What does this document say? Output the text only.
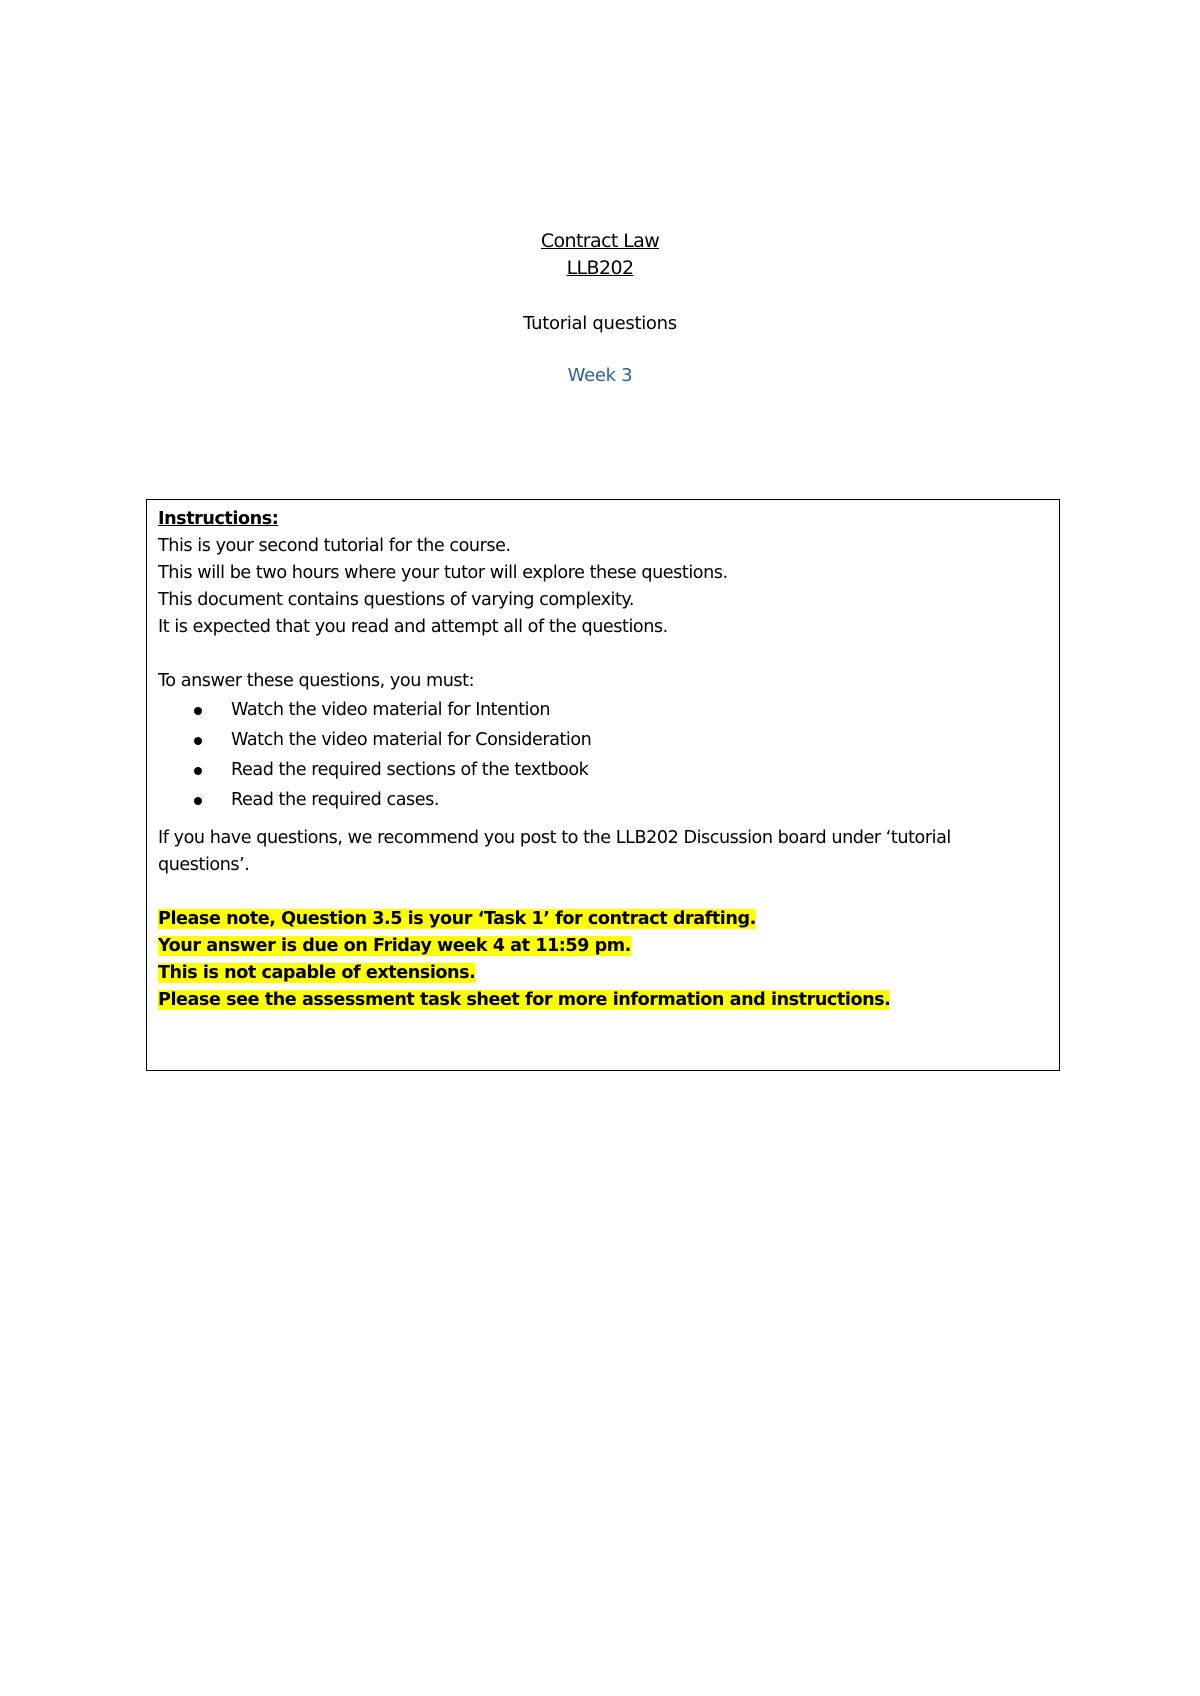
Contract Law
LLB202
Tutorial questions
Week 3
Instructions:
This is your second tutorial for the course.
This will be two hours where your tutor will explore these questions.
This document contains questions of varying complexity.
It is expected that you read and attempt all of the questions.
To answer these questions, you must:
Watch the video material for Intention
Watch the video material for Consideration
Read the required sections of the textbook
Read the required cases.
If you have questions, we recommend you post to the LLB202 Discussion board under ‘tutorial questions’.
Please note, Question 3.5 is your ‘Task 1’ for contract drafting.
Your answer is due on Friday week 4 at 11:59 pm.
This is not capable of extensions.
Please see the assessment task sheet for more information and instructions.
